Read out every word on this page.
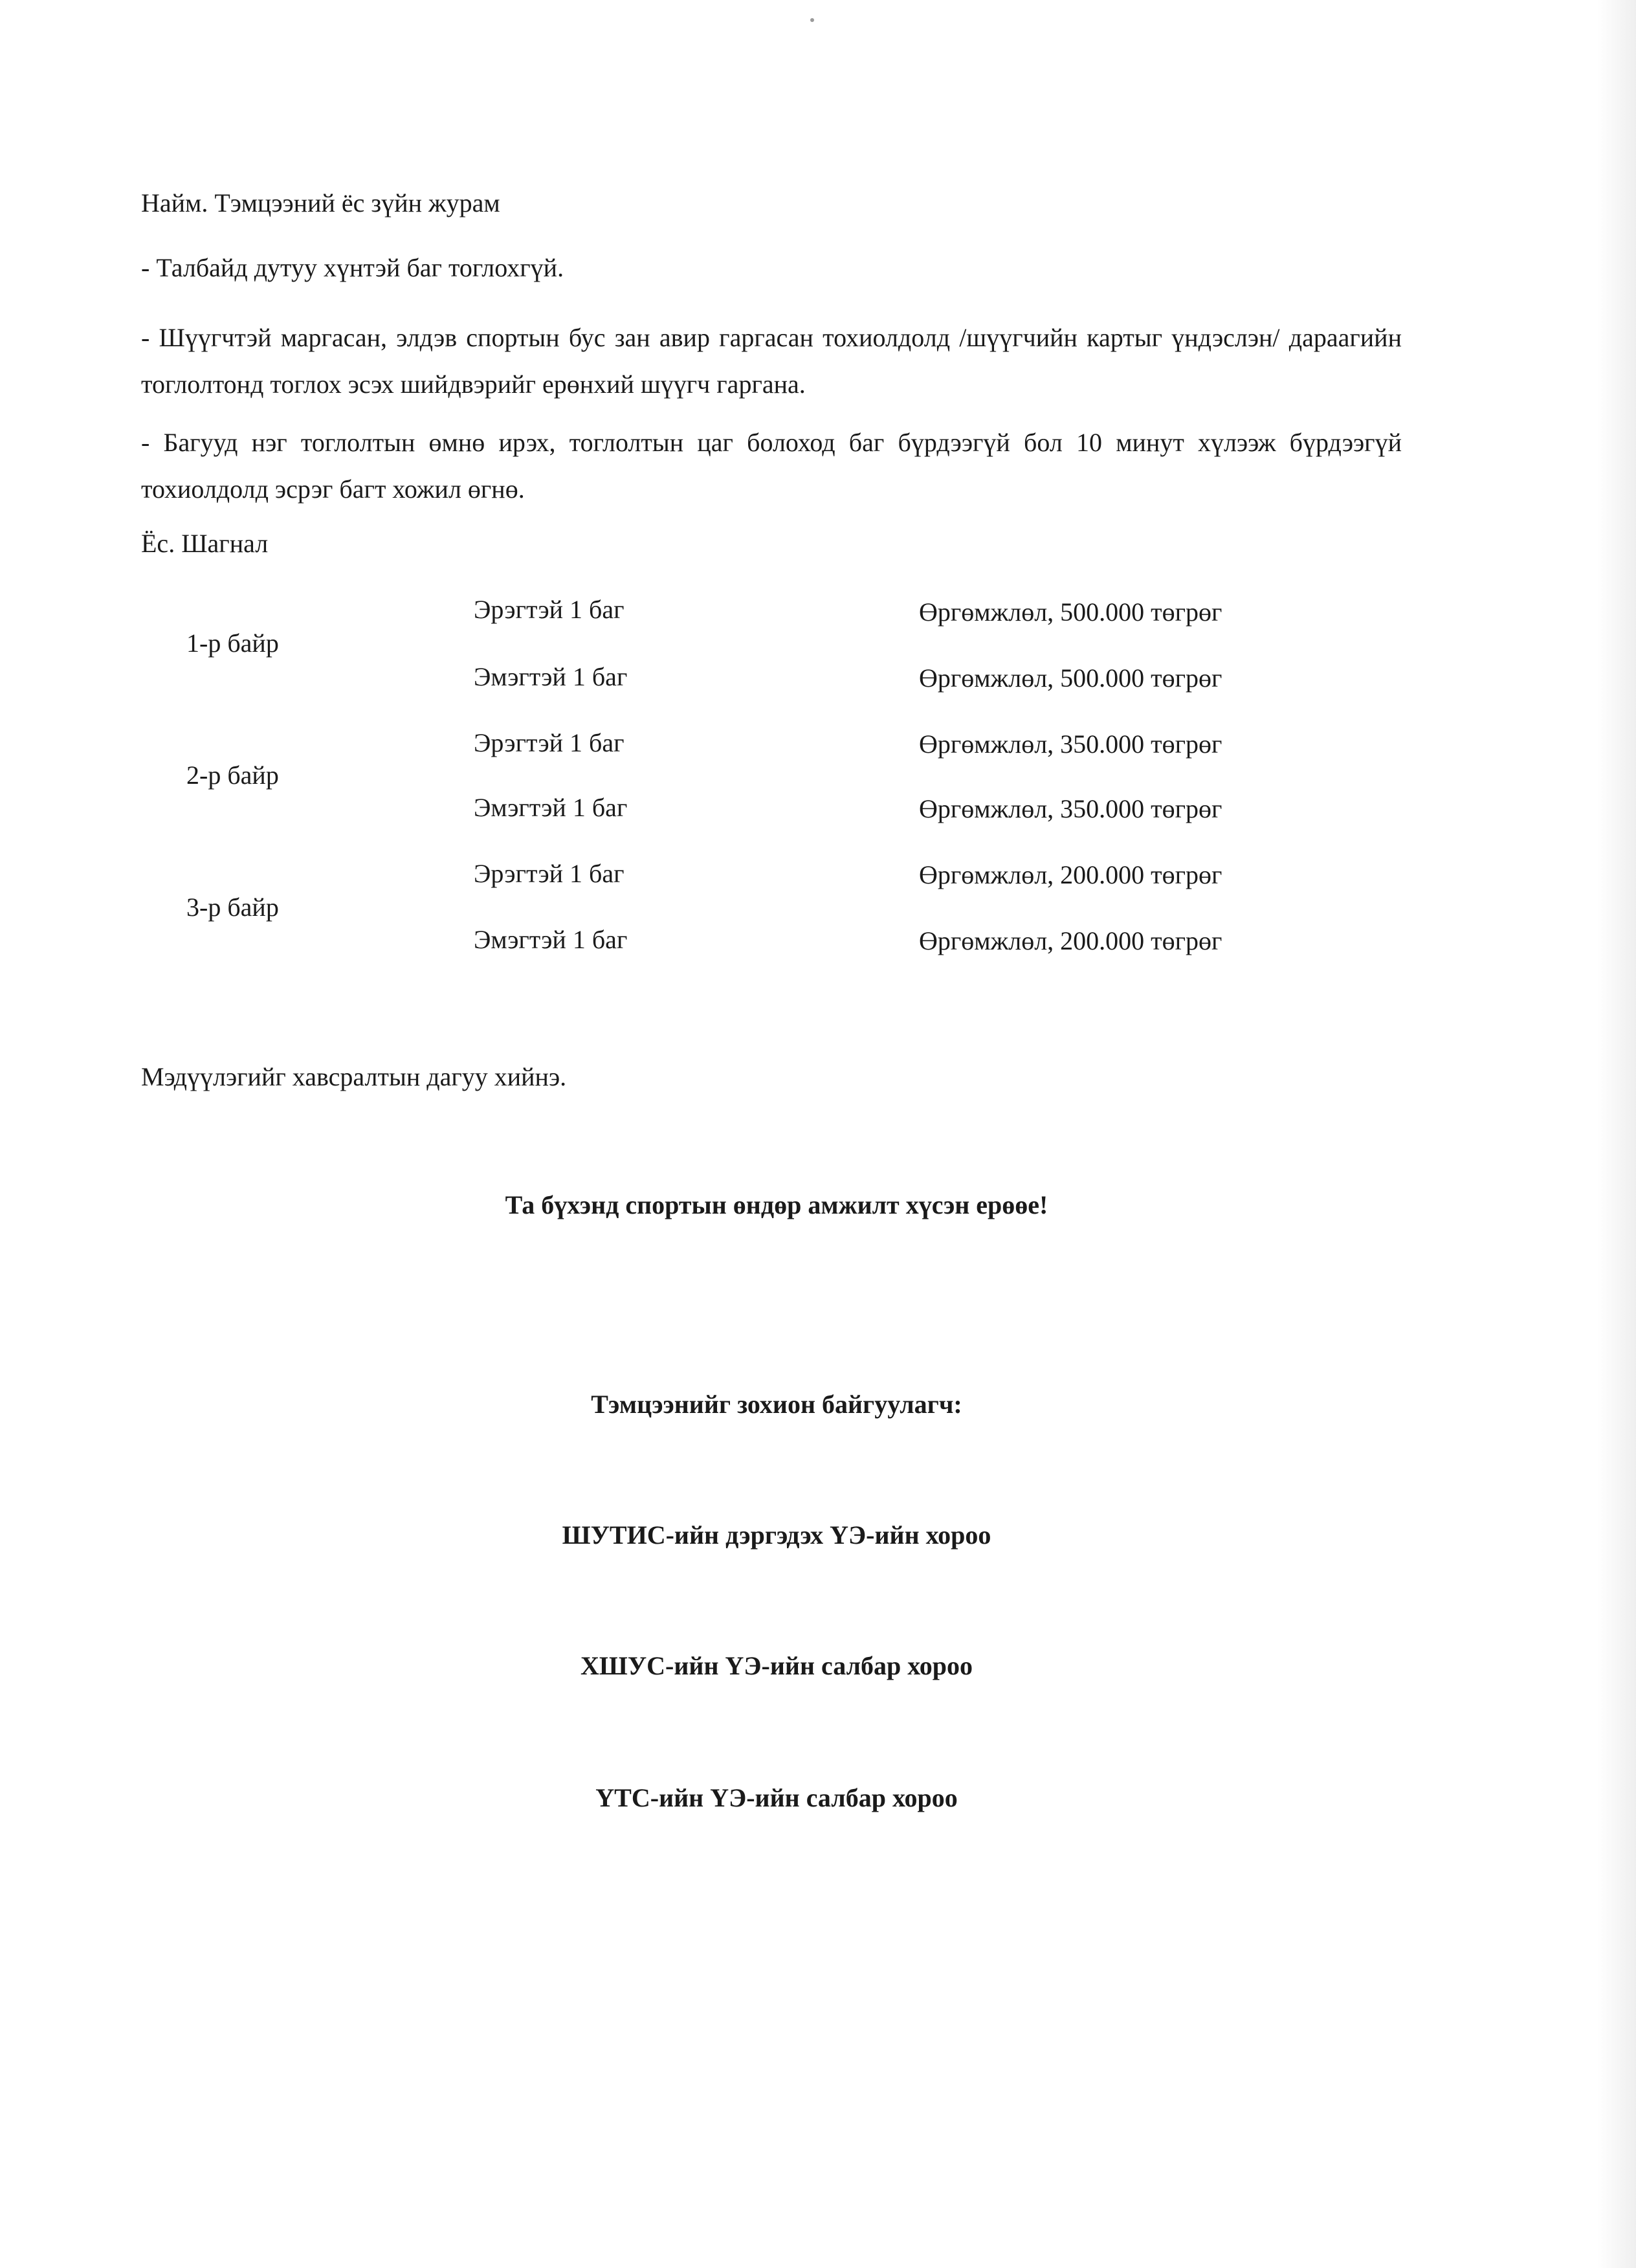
Найм. Тэмцээний ёс зүйн журам
- Талбайд дутуу хүнтэй баг тоглохгүй.
- Шүүгчтэй маргасан, элдэв спортын бус зан авир гаргасан тохиолдолд /шүүгчийн картыг үндэслэн/ дараагийн тоглолтонд тоглох эсэх шийдвэрийг ерөнхий шүүгч гаргана.
- Багууд нэг тоглолтын өмнө ирэх, тоглолтын цаг болоход баг бүрдээгүй бол 10 минут хүлээж бүрдээгүй тохиолдолд эсрэг багт хожил өгнө.
Ёс. Шагнал
1-р байр
Эрэгтэй 1 баг	Өргөмжлөл, 500.000 төгрөг
Эмэгтэй 1 баг	Өргөмжлөл, 500.000 төгрөг
2-р байр
Эрэгтэй 1 баг	Өргөмжлөл, 350.000 төгрөг
Эмэгтэй 1 баг	Өргөмжлөл, 350.000 төгрөг
3-р байр
Эрэгтэй 1 баг	Өргөмжлөл, 200.000 төгрөг
Эмэгтэй 1 баг	Өргөмжлөл, 200.000 төгрөг
Мэдүүлэгийг хавсралтын дагуу хийнэ.
Та бүхэнд спортын өндөр амжилт хүсэн ерөөе!
Тэмцээнийг зохион байгуулагч:
ШУТИС-ийн дэргэдэх ҮЭ-ийн хороо
ХШУС-ийн ҮЭ-ийн салбар хороо
ҮТС-ийн ҮЭ-ийн салбар хороо
